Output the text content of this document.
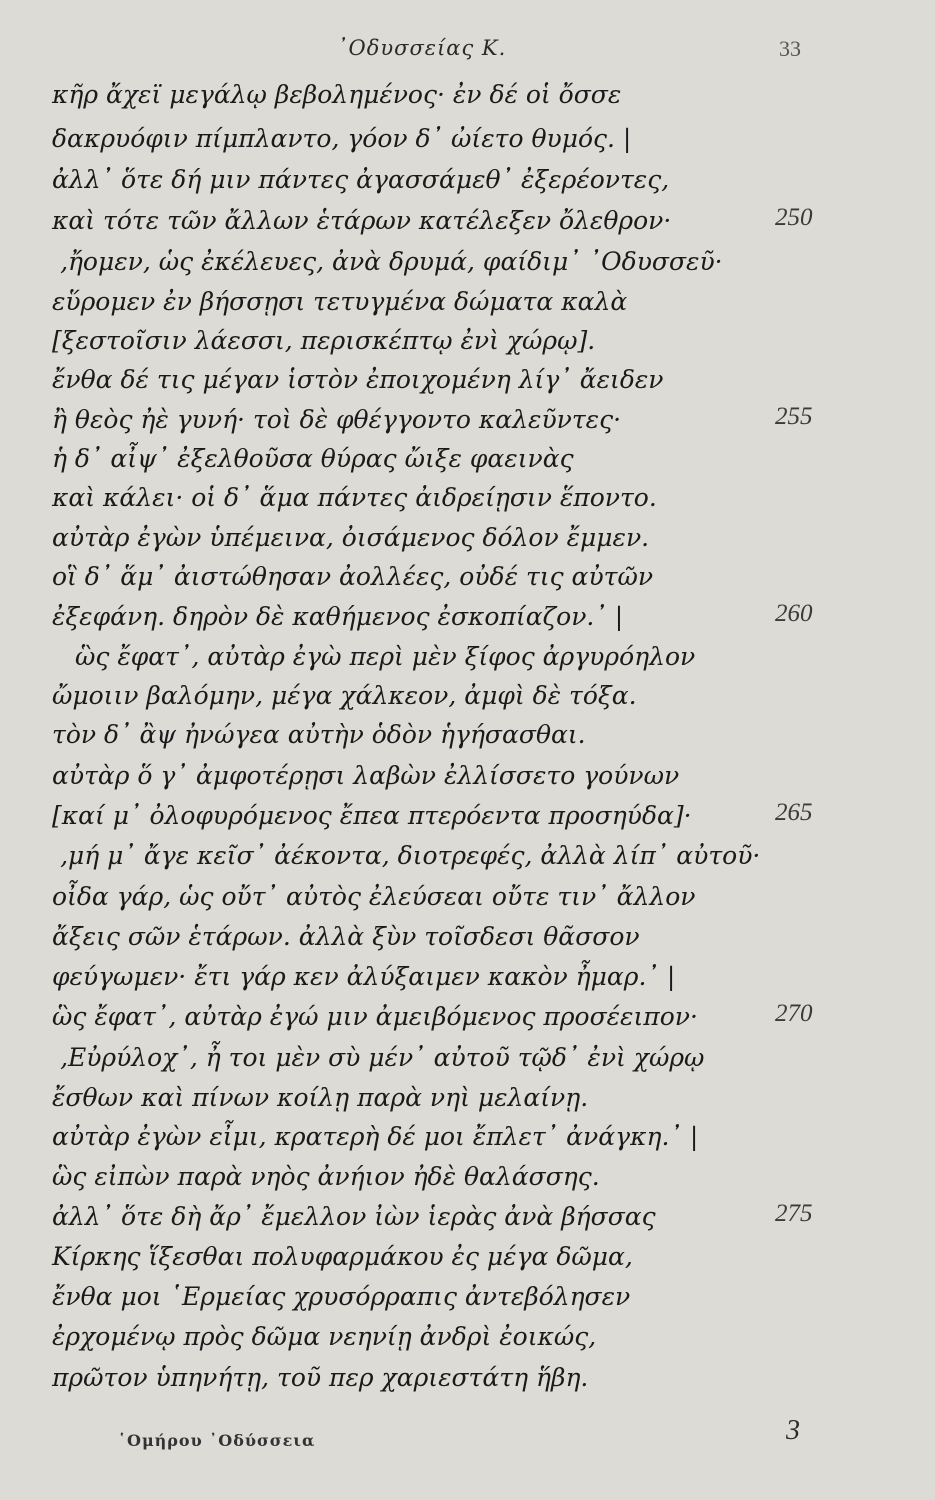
᾿Οδυσσείας Κ.	33
κῆρ ἄχεϊ μεγάλῳ βεβολημένος· ἐν δέ οἱ ὄσσε
δακρυόφιν πίμπλαντο, γόον δ᾿ ὠίετο θυμός. |
ἀλλ᾿ ὅτε δή μιν πάντες ἀγασσάμεθ᾿ ἐξερέοντες,
καὶ τότε τῶν ἄλλων ἑτάρων κατέλεξεν ὄλεθρον·
‚ἤομεν, ὡς ἐκέλευες, ἀνὰ δρυμά, φαίδιμ᾿ ᾿Οδυσσεῦ·
εὕρομεν ἐν βήσσῃσι τετυγμένα δώματα καλὰ
[ξεστοῖσιν λάεσσι, περισκέπτῳ ἐνὶ χώρῳ].
ἔνθα δέ τις μέγαν ἱστὸν ἐποιχομένη λίγ᾿ ἄειδεν
ἢ θεὸς ἠὲ γυνή· τοὶ δὲ φθέγγοντο καλεῦντες·
ἡ δ᾿ αἶψ᾿ ἐξελθοῦσα θύρας ὤιξε φαεινὰς
καὶ κάλει· οἱ δ᾿ ἅμα πάντες ἀιδρείῃσιν ἕποντο.
αὐτὰρ ἐγὼν ὑπέμεινα, ὀισάμενος δόλον ἔμμεν.
οἳ δ᾿ ἅμ᾿ ἀιστώθησαν ἀολλέες, οὐδέ τις αὐτῶν
ἐξεφάνη. δηρὸν δὲ καθήμενος ἐσκοπίαζον.᾿ |
ὣς ἔφατ᾿, αὐτὰρ ἐγὼ περὶ μὲν ξίφος ἀργυρόηλον
ὤμοιιν βαλόμην, μέγα χάλκεον, ἀμφὶ δὲ τόξα.
τὸν δ᾿ ἂψ ἠνώγεα αὐτὴν ὁδὸν ἡγήσασθαι.
αὐτὰρ ὅ γ᾿ ἀμφοτέρῃσι λαβὼν ἐλλίσσετο γούνων
[καί μ᾿ ὀλοφυρόμενος ἔπεα πτερόεντα προσηύδα]·
‚μή μ᾿ ἄγε κεῖσ᾿ ἀέκοντα, διοτρεφές, ἀλλὰ λίπ᾿ αὐτοῦ·
οἶδα γάρ, ὡς οὔτ᾿ αὐτὸς ἐλεύσεαι οὔτε τιν᾿ ἄλλον
ἄξεις σῶν ἑτάρων. ἀλλὰ ξὺν τοῖσδεσι θᾶσσον
φεύγωμεν· ἔτι γάρ κεν ἀλύξαιμεν κακὸν ἦμαρ.᾿ |
ὣς ἔφατ᾿, αὐτὰρ ἐγώ μιν ἀμειβόμενος προσέειπον·
‚Εὐρύλοχ᾿, ἦ τοι μὲν σὺ μέν᾿ αὐτοῦ τῷδ᾿ ἐνὶ χώρῳ
ἔσθων καὶ πίνων κοίλῃ παρὰ νηὶ μελαίνῃ.
αὐτὰρ ἐγὼν εἶμι, κρατερὴ δέ μοι ἔπλετ᾿ ἀνάγκη.᾿ |
ὣς εἰπὼν παρὰ νηὸς ἀνήιον ἠδὲ θαλάσσης.
ἀλλ᾿ ὅτε δὴ ἄρ᾿ ἔμελλον ἰὼν ἱερὰς ἀνὰ βήσσας
Κίρκης ἵξεσθαι πολυφαρμάκου ἐς μέγα δῶμα,
ἔνθα μοι ῾Ερμείας χρυσόρραπις ἀντεβόλησεν
ἐρχομένῳ πρὸς δῶμα νεηνίῃ ἀνδρὶ ἐοικώς,
πρῶτον ὑπηνήτῃ, τοῦ περ χαριεστάτη ἥβη.
250
255
260
265
270
275
῾Ομήρου ᾿Οδύσσεια	3
